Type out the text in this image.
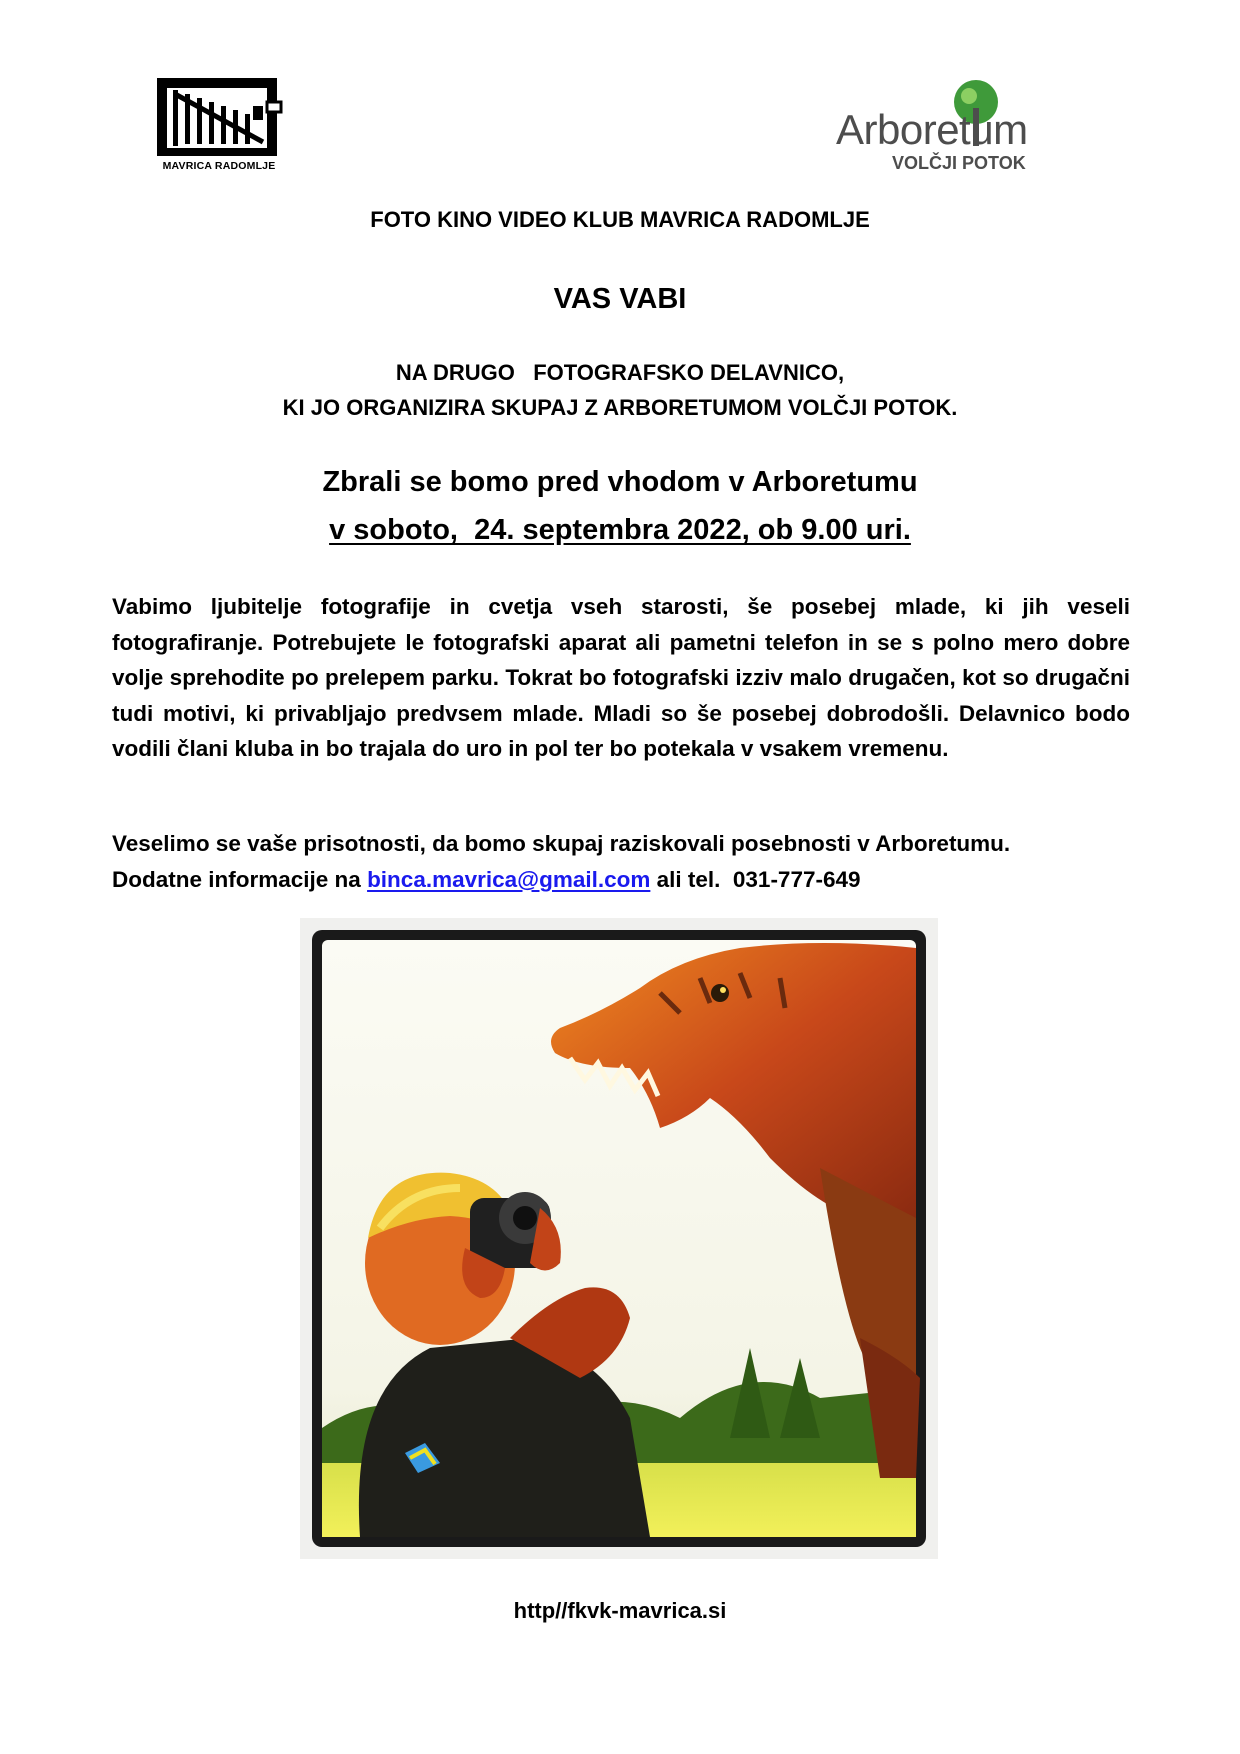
MAVRICA RADOMLJE
Arboretum
VOLČJI POTOK
FOTO KINO VIDEO KLUB MAVRICA RADOMLJE
VAS VABI
NA DRUGO   FOTOGRAFSKO DELAVNICO,
KI JO ORGANIZIRA SKUPAJ Z ARBORETUMOM VOLČJI POTOK.
Zbrali se bomo pred vhodom v Arboretumu
v soboto,  24. septembra 2022, ob 9.00 uri.
Vabimo ljubitelje fotografije in cvetja vseh starosti, še posebej mlade, ki jih veseli fotografiranje. Potrebujete le fotografski aparat ali pametni telefon in se s polno mero dobre volje sprehodite po prelepem parku. Tokrat bo fotografski izziv malo drugačen, kot so drugačni tudi motivi, ki privabljajo predvsem mlade. Mladi so še posebej dobrodošli. Delavnico bodo vodili člani kluba in bo trajala do uro in pol ter bo potekala v vsakem vremenu.
Veselimo se vaše prisotnosti, da bomo skupaj raziskovali posebnosti v Arboretumu.
Dodatne informacije na binca.mavrica@gmail.com ali tel.  031-777-649
http//fkvk-mavrica.si
